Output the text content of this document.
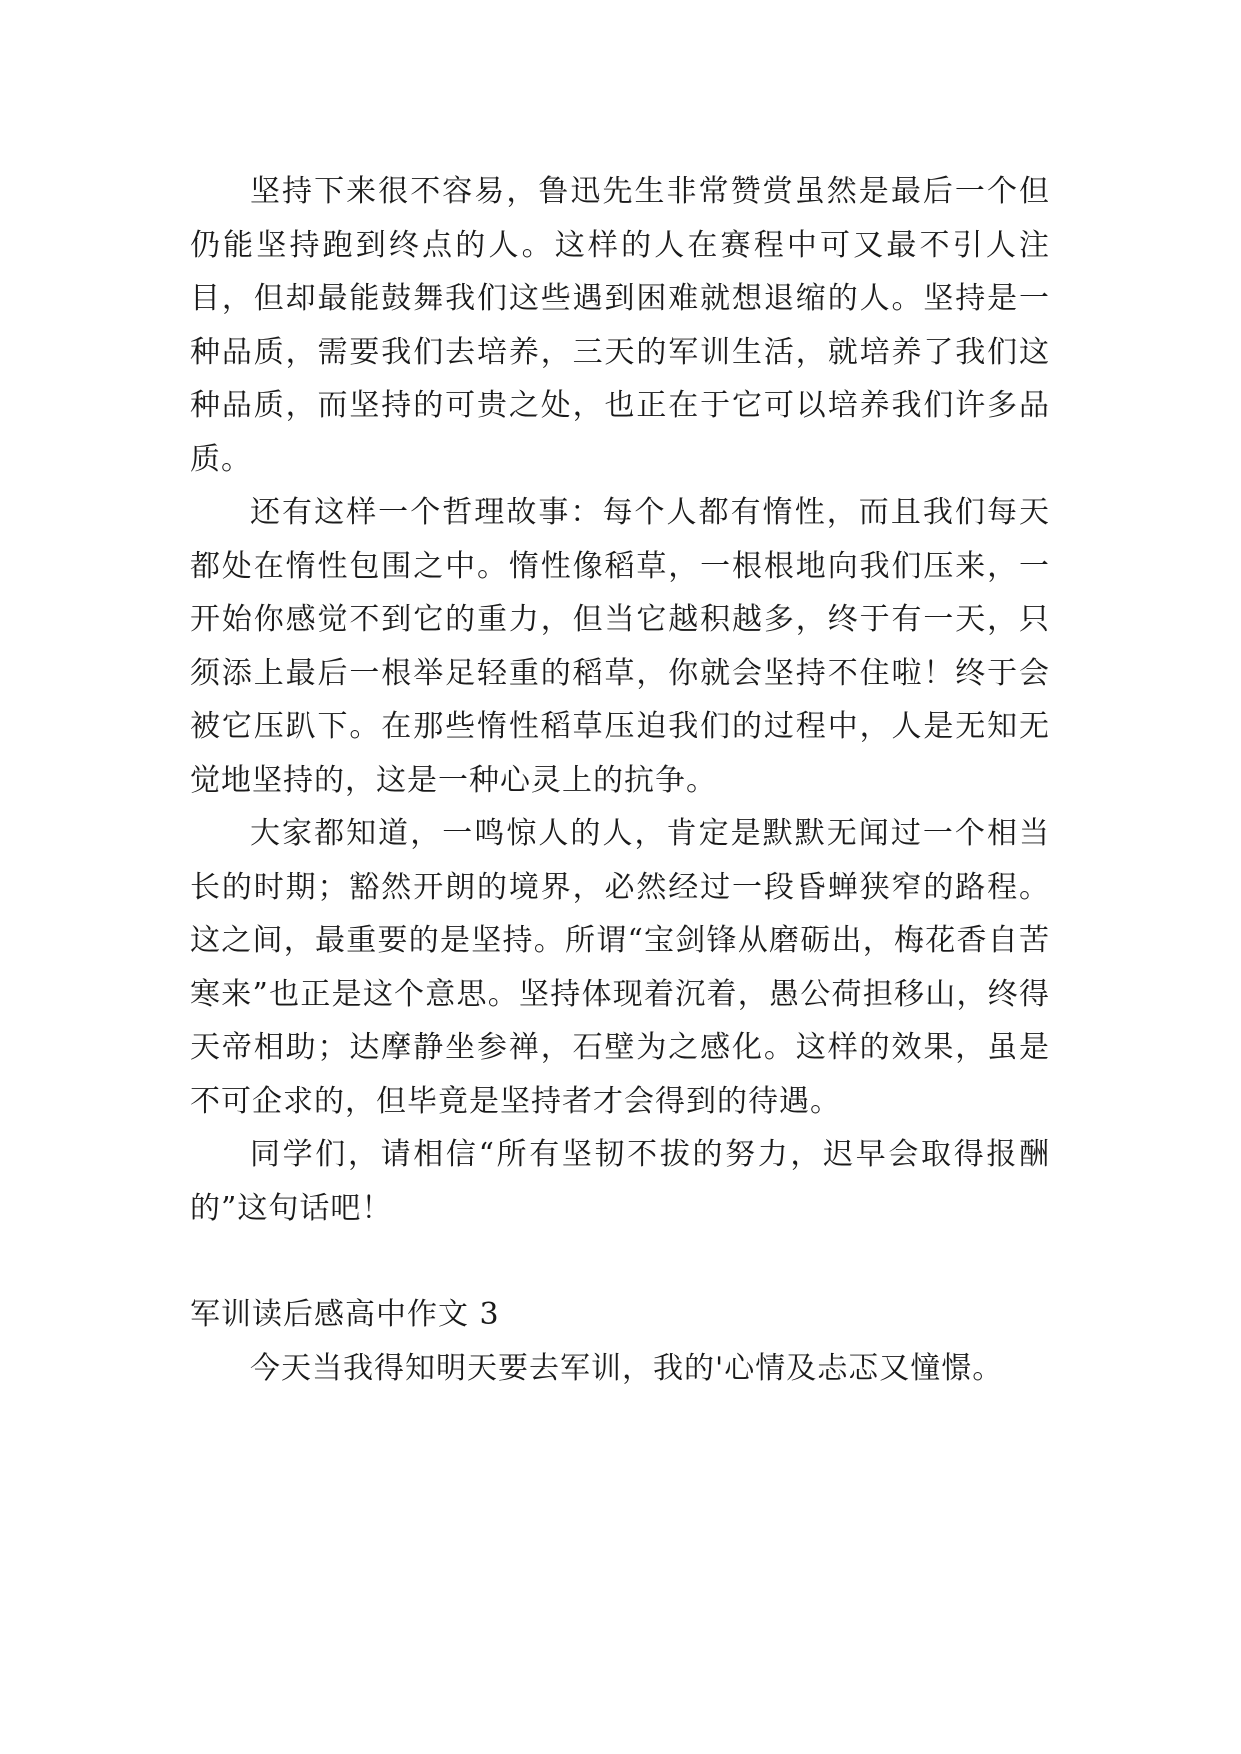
坚持下来很不容易，鲁迅先生非常赞赏虽然是最后一个但仍能坚持跑到终点的人。这样的人在赛程中可又最不引人注目，但却最能鼓舞我们这些遇到困难就想退缩的人。坚持是一种品质，需要我们去培养，三天的军训生活，就培养了我们这种品质，而坚持的可贵之处，也正在于它可以培养我们许多品质。

还有这样一个哲理故事：每个人都有惰性，而且我们每天都处在惰性包围之中。惰性像稻草，一根根地向我们压来，一开始你感觉不到它的重力，但当它越积越多，终于有一天，只须添上最后一根举足轻重的稻草，你就会坚持不住啦！终于会被它压趴下。在那些惰性稻草压迫我们的过程中，人是无知无觉地坚持的，这是一种心灵上的抗争。

大家都知道，一鸣惊人的人，肯定是默默无闻过一个相当长的时期；豁然开朗的境界，必然经过一段昏蝉狭窄的路程。这之间，最重要的是坚持。所谓“宝剑锋从磨砺出，梅花香自苦寒来”也正是这个意思。坚持体现着沉着，愚公荷担移山，终得天帝相助；达摩静坐参禅，石壁为之感化。这样的效果，虽是不可企求的，但毕竟是坚持者才会得到的待遇。

同学们，请相信“所有坚韧不拔的努力，迟早会取得报酬的”这句话吧！

军训读后感高中作文 3

今天当我得知明天要去军训，我的'心情及忐忑又憧憬。
